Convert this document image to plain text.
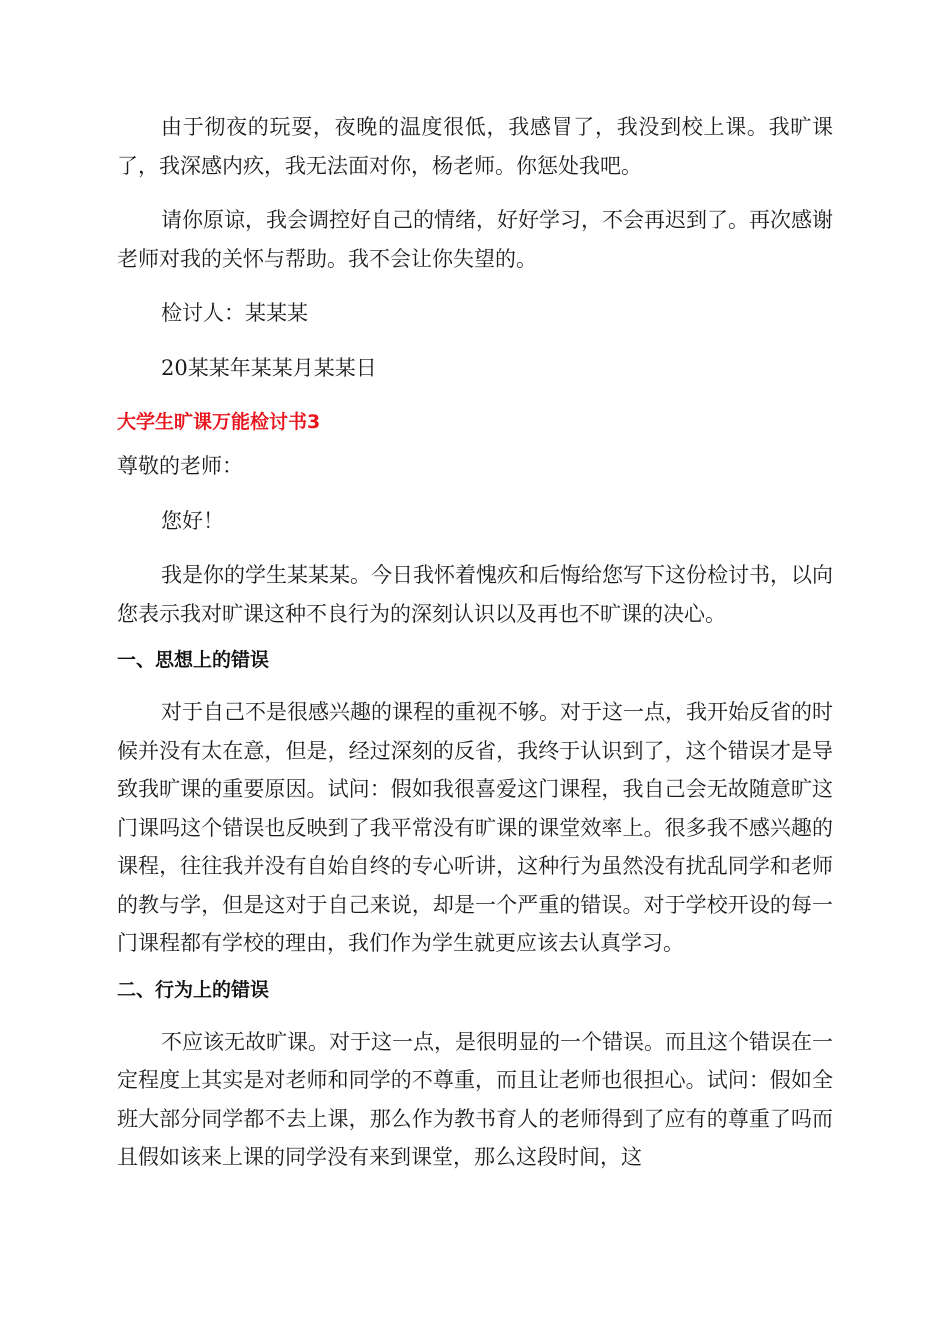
由于彻夜的玩耍，夜晚的温度很低，我感冒了，我没到校上课。我旷课了，我深感内疚，我无法面对你，杨老师。你惩处我吧。

请你原谅，我会调控好自己的情绪，好好学习，不会再迟到了。再次感谢老师对我的关怀与帮助。我不会让你失望的。

检讨人：某某某

20某某年某某月某某日

大学生旷课万能检讨书3

尊敬的老师：

您好！

我是你的学生某某某。今日我怀着愧疚和后悔给您写下这份检讨书，以向您表示我对旷课这种不良行为的深刻认识以及再也不旷课的决心。

一、思想上的错误

对于自己不是很感兴趣的课程的重视不够。对于这一点，我开始反省的时候并没有太在意，但是，经过深刻的反省，我终于认识到了，这个错误才是导致我旷课的重要原因。试问：假如我很喜爱这门课程，我自己会无故随意旷这门课吗这个错误也反映到了我平常没有旷课的课堂效率上。很多我不感兴趣的课程，往往我并没有自始自终的专心听讲，这种行为虽然没有扰乱同学和老师的教与学，但是这对于自己来说，却是一个严重的错误。对于学校开设的每一门课程都有学校的理由，我们作为学生就更应该去认真学习。

二、行为上的错误

不应该无故旷课。对于这一点，是很明显的一个错误。而且这个错误在一定程度上其实是对老师和同学的不尊重，而且让老师也很担心。试问：假如全班大部分同学都不去上课，那么作为教书育人的老师得到了应有的尊重了吗而且假如该来上课的同学没有来到课堂，那么这段时间，这
